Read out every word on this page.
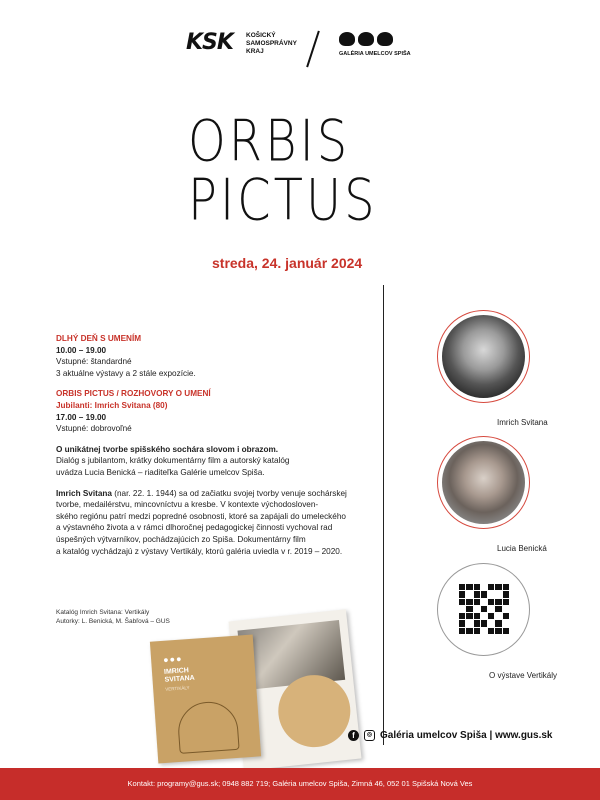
KSK KOŠICKÝ
SAMOSPRÁVNY
KRAJ	GALÉRIA UMELCOV SPIŠA
ORBIS
PICTUS
streda, 24. január 2024
DLHÝ DEŇ S UMENÍM
10.00 – 19.00
Vstupné: štandardné
3 aktuálne výstavy a 2 stále expozície.
ORBIS PICTUS / ROZHOVORY O UMENÍ
Jubilanti: Imrich Svitana (80)
17.00 – 19.00
Vstupné: dobrovoľné
O unikátnej tvorbe spišského sochára slovom i obrazom.
Dialóg s jubilantom, krátky dokumentárny film a autorský katalóg
uvádza Lucia Benická – riaditeľka Galérie umelcov Spiša.
Imrich Svitana (nar. 22. 1. 1944) sa od začiatku svojej tvorby venuje sochárskej
tvorbe, medailérstvu, mincovníctvu a kresbe. V kontexte východosloven-
ského regiónu patrí medzi popredné osobnosti, ktoré sa zapájali do umeleckého
a výstavného života a v rámci dlhoročnej pedagogickej činnosti vychoval rad
úspešných výtvarníkov, pochádzajúcich zo Spiša. Dokumentárny film
a katalóg vychádzajú z výstavy Vertikály, ktorú galéria uviedla v r. 2019 – 2020.
Katalóg Imrich Svitana: Vertikály
Autorky: L. Benická, M. Šabľová – GUS
●●●
IMRICH
SVITANA
VERTIKÁLY
Imrich Svitana
Lucia Benická
O výstave Vertikály
f	◎ Galéria umelcov Spiša | www.gus.sk
Kontakt: programy@gus.sk; 0948 882 719; Galéria umelcov Spiša, Zimná 46, 052 01 Spišská Nová Ves
